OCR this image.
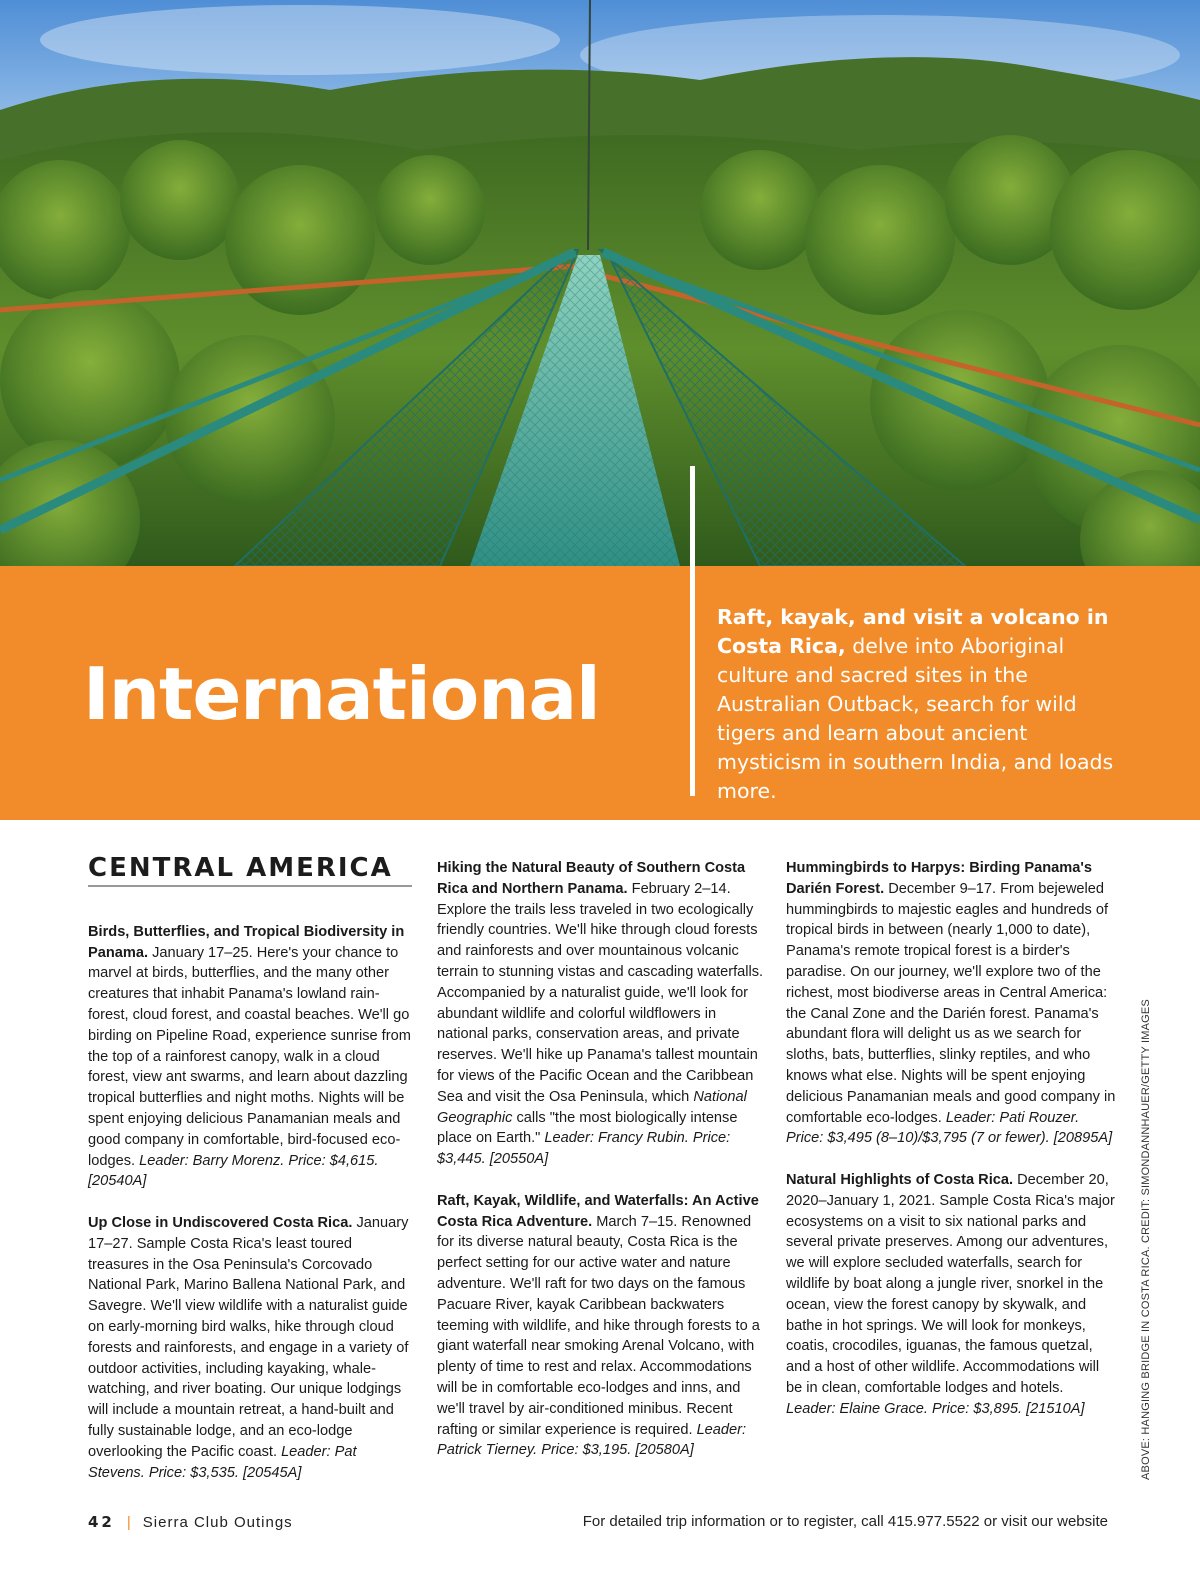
International
Raft, kayak, and visit a volcano in Costa Rica, delve into Aboriginal culture and sacred sites in the Australian Outback, search for wild tigers and learn about ancient mysticism in southern India, and loads more.
CENTRAL AMERICA

Birds, Butterflies, and Tropical Biodiversity in Panama. January 17–25. Here's your chance to marvel at birds, butterflies, and the many other creatures that inhabit Panama's lowland rain-forest, cloud forest, and coastal beaches. We'll go birding on Pipeline Road, experience sunrise from the top of a rainforest canopy, walk in a cloud forest, view ant swarms, and learn about dazzling tropical butterflies and night moths. Nights will be spent enjoying delicious Panamanian meals and good company in comfortable, bird-focused eco-lodges. Leader: Barry Morenz. Price: $4,615. [20540A]

Up Close in Undiscovered Costa Rica. January 17–27. Sample Costa Rica's least toured treasures in the Osa Peninsula's Corcovado National Park, Marino Ballena National Park, and Savegre. We'll view wildlife with a naturalist guide on early-morning bird walks, hike through cloud forests and rainforests, and engage in a variety of outdoor activities, including kayaking, whale-watching, and river boating. Our unique lodgings will include a mountain retreat, a hand-built and fully sustainable lodge, and an eco-lodge overlooking the Pacific coast. Leader: Pat Stevens. Price: $3,535. [20545A]

Hiking the Natural Beauty of Southern Costa Rica and Northern Panama. February 2–14. Explore the trails less traveled in two ecologically friendly countries. We'll hike through cloud forests and rainforests and over mountainous volcanic terrain to stunning vistas and cascading waterfalls. Accompanied by a naturalist guide, we'll look for abundant wildlife and colorful wildflowers in national parks, conservation areas, and private reserves. We'll hike up Panama's tallest mountain for views of the Pacific Ocean and the Caribbean Sea and visit the Osa Peninsula, which National Geographic calls "the most biologically intense place on Earth." Leader: Francy Rubin. Price: $3,445. [20550A]

Raft, Kayak, Wildlife, and Waterfalls: An Active Costa Rica Adventure. March 7–15. Renowned for its diverse natural beauty, Costa Rica is the perfect setting for our active water and nature adventure. We'll raft for two days on the famous Pacuare River, kayak Caribbean backwaters teeming with wildlife, and hike through forests to a giant waterfall near smoking Arenal Volcano, with plenty of time to rest and relax. Accommodations will be in comfortable eco-lodges and inns, and we'll travel by air-conditioned minibus. Recent rafting or similar experience is required. Leader: Patrick Tierney. Price: $3,195. [20580A]

Hummingbirds to Harpys: Birding Panama's Darién Forest. December 9–17. From bejeweled hummingbirds to majestic eagles and hundreds of tropical birds in between (nearly 1,000 to date), Panama's remote tropical forest is a birder's paradise. On our journey, we'll explore two of the richest, most biodiverse areas in Central America: the Canal Zone and the Darién forest. Panama's abundant flora will delight us as we search for sloths, bats, butterflies, slinky reptiles, and who knows what else. Nights will be spent enjoying delicious Panamanian meals and good company in comfortable eco-lodges. Leader: Pati Rouzer. Price: $3,495 (8–10)/$3,795 (7 or fewer). [20895A]

Natural Highlights of Costa Rica. December 20, 2020–January 1, 2021. Sample Costa Rica's major ecosystems on a visit to six national parks and several private preserves. Among our adventures, we will explore secluded waterfalls, search for wildlife by boat along a jungle river, snorkel in the ocean, view the forest canopy by skywalk, and bathe in hot springs. We will look for monkeys, coatis, crocodiles, iguanas, the famous quetzal, and a host of other wildlife. Accommodations will be in clean, comfortable lodges and hotels. Leader: Elaine Grace. Price: $3,895. [21510A]	ABOVE: HANGING BRIDGE IN COSTA RICA. CREDIT: SIMONDANNHAUER/GETTY IMAGES
42 | Sierra Club Outings	For detailed trip information or to register, call 415.977.5522 or visit our website
